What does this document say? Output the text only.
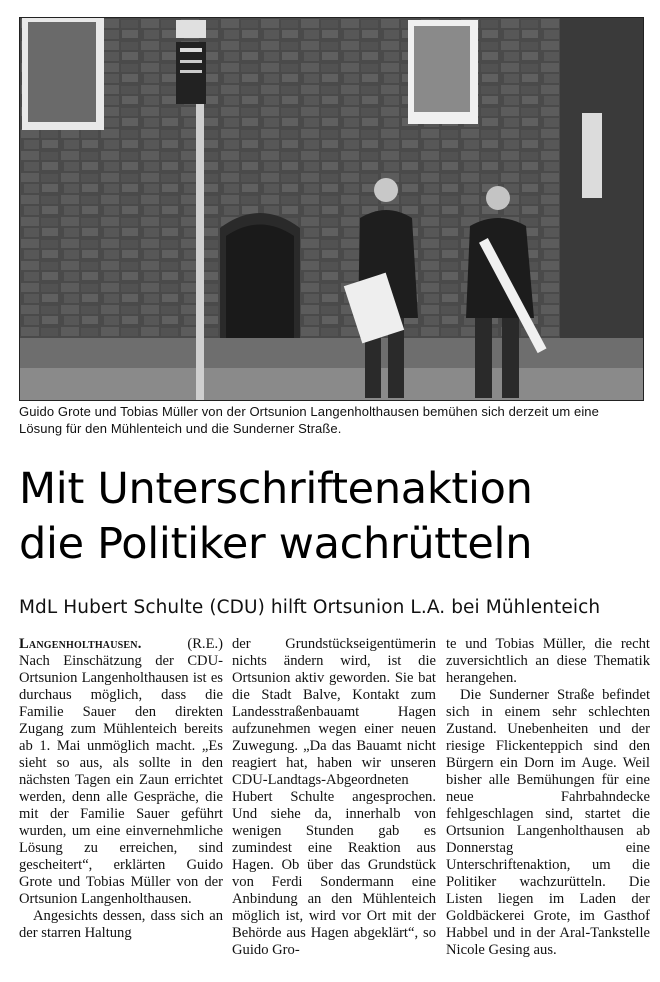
Guido Grote und Tobias Müller von der Ortsunion Langenholthausen bemühen sich derzeit um eine Lösung für den Mühlenteich und die Sunderner Straße.
Mit Unterschriftenaktion
die Politiker wachrütteln
MdL Hubert Schulte (CDU) hilft Ortsunion L.A. bei Mühlenteich

Langenholthausen.	(R.E.)

Nach Einschätzung der CDU-Ortsunion Langenholthausen ist es durchaus möglich, dass die Familie Sauer den direkten Zugang zum Mühlenteich bereits ab 1. Mai unmöglich macht. „Es sieht so aus, als sollte in den nächsten Tagen ein Zaun errichtet werden, denn alle Gespräche, die mit der Familie Sauer geführt wurden, um eine einvernehmliche Lösung zu erreichen, sind gescheitert“, erklärten Guido Grote und Tobias Müller von der Ortsunion Langenholthausen.

Angesichts dessen, dass sich an der starren Haltung

der Grundstückseigentümerin nichts ändern wird, ist die Ortsunion aktiv geworden. Sie bat die Stadt Balve, Kontakt zum Landesstraßenbauamt Hagen aufzunehmen wegen einer neuen Zuwegung. „Da das Bauamt nicht reagiert hat, haben wir unseren CDU-Landtags-Abgeordneten Hubert Schulte angesprochen. Und siehe da, innerhalb von wenigen Stunden gab es zumindest eine Reaktion aus Hagen. Ob über das Grundstück von Ferdi Sondermann eine Anbindung an den Mühlenteich möglich ist, wird vor Ort mit der Behörde aus Hagen abgeklärt“, so Guido Gro-

te und Tobias Müller, die recht zuversichtlich an diese Thematik herangehen.

Die Sunderner Straße befindet sich in einem sehr schlechten Zustand. Unebenheiten und der riesige Flickenteppich sind den Bürgern ein Dorn im Auge. Weil bisher alle Bemühungen für eine neue Fahrbahndecke fehlgeschlagen sind, startet die Ortsunion Langenholthausen ab Donnerstag eine Unterschriftenaktion, um die Politiker wachzurütteln. Die Listen liegen im Laden der Goldbäckerei Grote, im Gasthof Habbel und in der Aral-Tankstelle Nicole Gesing aus.
